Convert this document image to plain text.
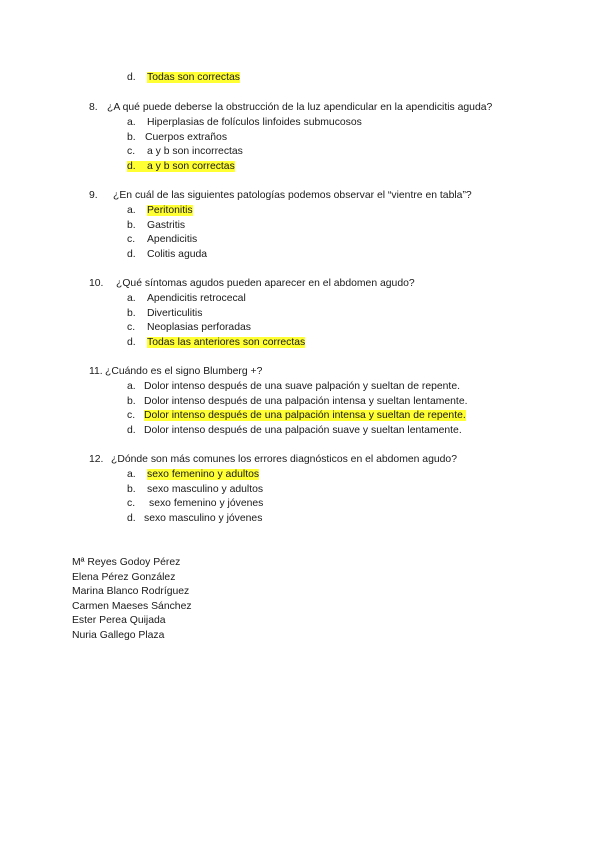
d. Todas son correctas
8. ¿A qué puede deberse la obstrucción de la luz apendicular en la apendicitis aguda?
a. Hiperplasias de folículos linfoides submucosos
b. Cuerpos extraños
c. a y b son incorrectas
d. a y b son correctas
9. ¿En cuál de las siguientes patologías podemos observar el “vientre en tabla”?
a. Peritonitis
b. Gastritis
c. Apendicitis
d. Colitis aguda
10. ¿Qué síntomas agudos pueden aparecer en el abdomen agudo?
a. Apendicitis retrocecal
b. Diverticulitis
c. Neoplasias perforadas
d. Todas las anteriores son correctas
11. ¿Cuándo es el signo Blumberg +?
a. Dolor intenso después de una suave palpación y sueltan de repente.
b. Dolor intenso después de una palpación intensa y sueltan lentamente.
c. Dolor intenso después de una palpación intensa y sueltan de repente.
d. Dolor intenso después de una palpación suave y sueltan lentamente.
12. ¿Dónde son más comunes los errores diagnósticos en el abdomen agudo?
a. sexo femenino y adultos
b. sexo masculino y adultos
c. sexo femenino y jóvenes
d. sexo masculino y jóvenes
Mª Reyes Godoy Pérez
Elena Pérez González
Marina Blanco Rodríguez
Carmen Maeses Sánchez
Ester Perea Quijada
Nuria Gallego Plaza
